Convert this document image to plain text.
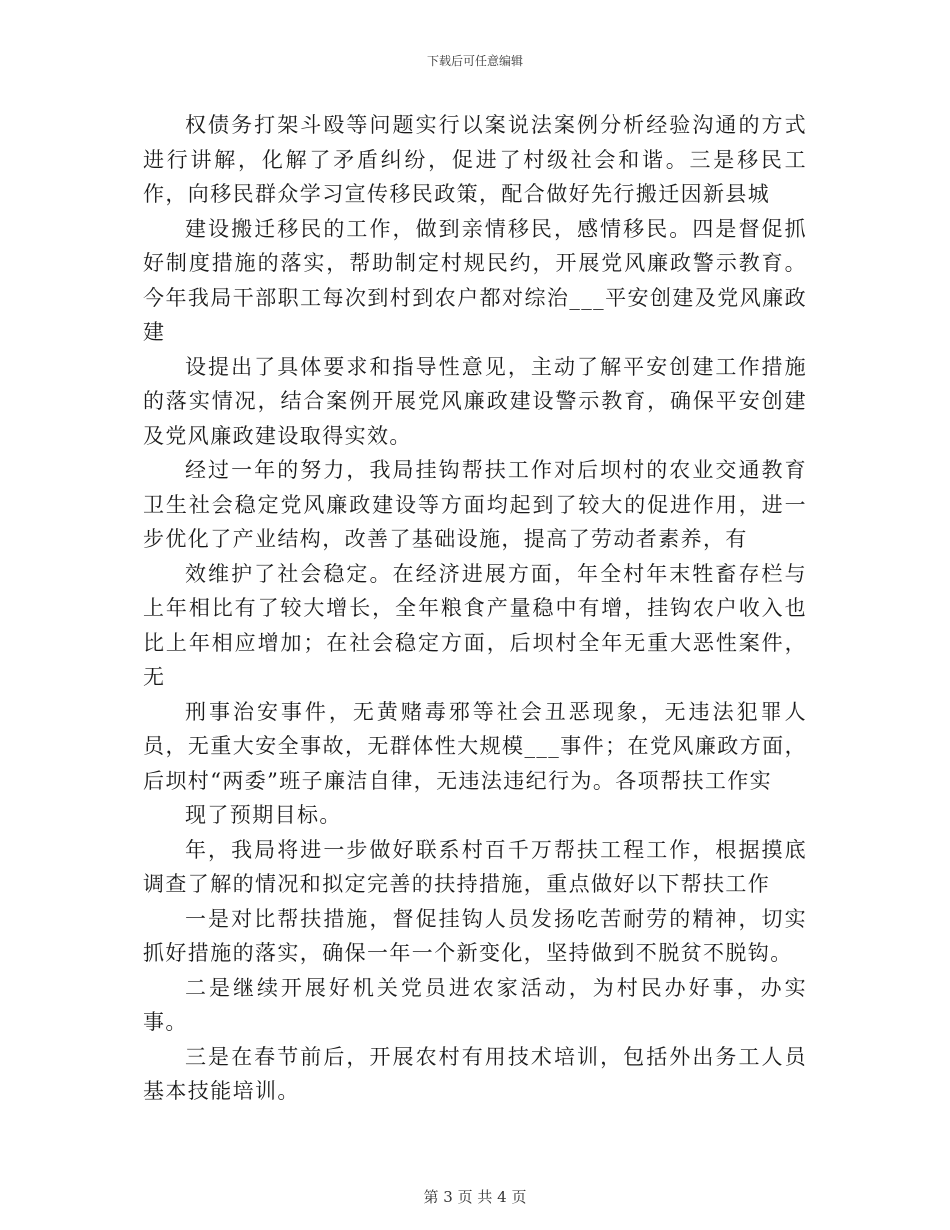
下载后可任意编辑

权债务打架斗殴等问题实行以案说法案例分析经验沟通的方式进行讲解，化解了矛盾纠纷，促进了村级社会和谐。三是移民工作，向移民群众学习宣传移民政策，配合做好先行搬迁因新县城

建设搬迁移民的工作，做到亲情移民，感情移民。四是督促抓好制度措施的落实，帮助制定村规民约，开展党风廉政警示教育。今年我局干部职工每次到村到农户都对综治___平安创建及党风廉政建

设提出了具体要求和指导性意见，主动了解平安创建工作措施的落实情况，结合案例开展党风廉政建设警示教育，确保平安创建及党风廉政建设取得实效。

经过一年的努力，我局挂钩帮扶工作对后坝村的农业交通教育卫生社会稳定党风廉政建设等方面均起到了较大的促进作用，进一步优化了产业结构，改善了基础设施，提高了劳动者素养，有

效维护了社会稳定。在经济进展方面，年全村年末牲畜存栏与上年相比有了较大增长，全年粮食产量稳中有增，挂钩农户收入也比上年相应增加；在社会稳定方面，后坝村全年无重大恶性案件，无

刑事治安事件，无黄赌毒邪等社会丑恶现象，无违法犯罪人员，无重大安全事故，无群体性大规模___事件；在党风廉政方面，后坝村“两委”班子廉洁自律，无违法违纪行为。各项帮扶工作实

现了预期目标。

年，我局将进一步做好联系村百千万帮扶工程工作，根据摸底调查了解的情况和拟定完善的扶持措施，重点做好以下帮扶工作

一是对比帮扶措施，督促挂钩人员发扬吃苦耐劳的精神，切实抓好措施的落实，确保一年一个新变化，坚持做到不脱贫不脱钩。

二是继续开展好机关党员进农家活动，为村民办好事，办实事。

三是在春节前后，开展农村有用技术培训，包括外出务工人员基本技能培训。

第 3 页 共 4 页
